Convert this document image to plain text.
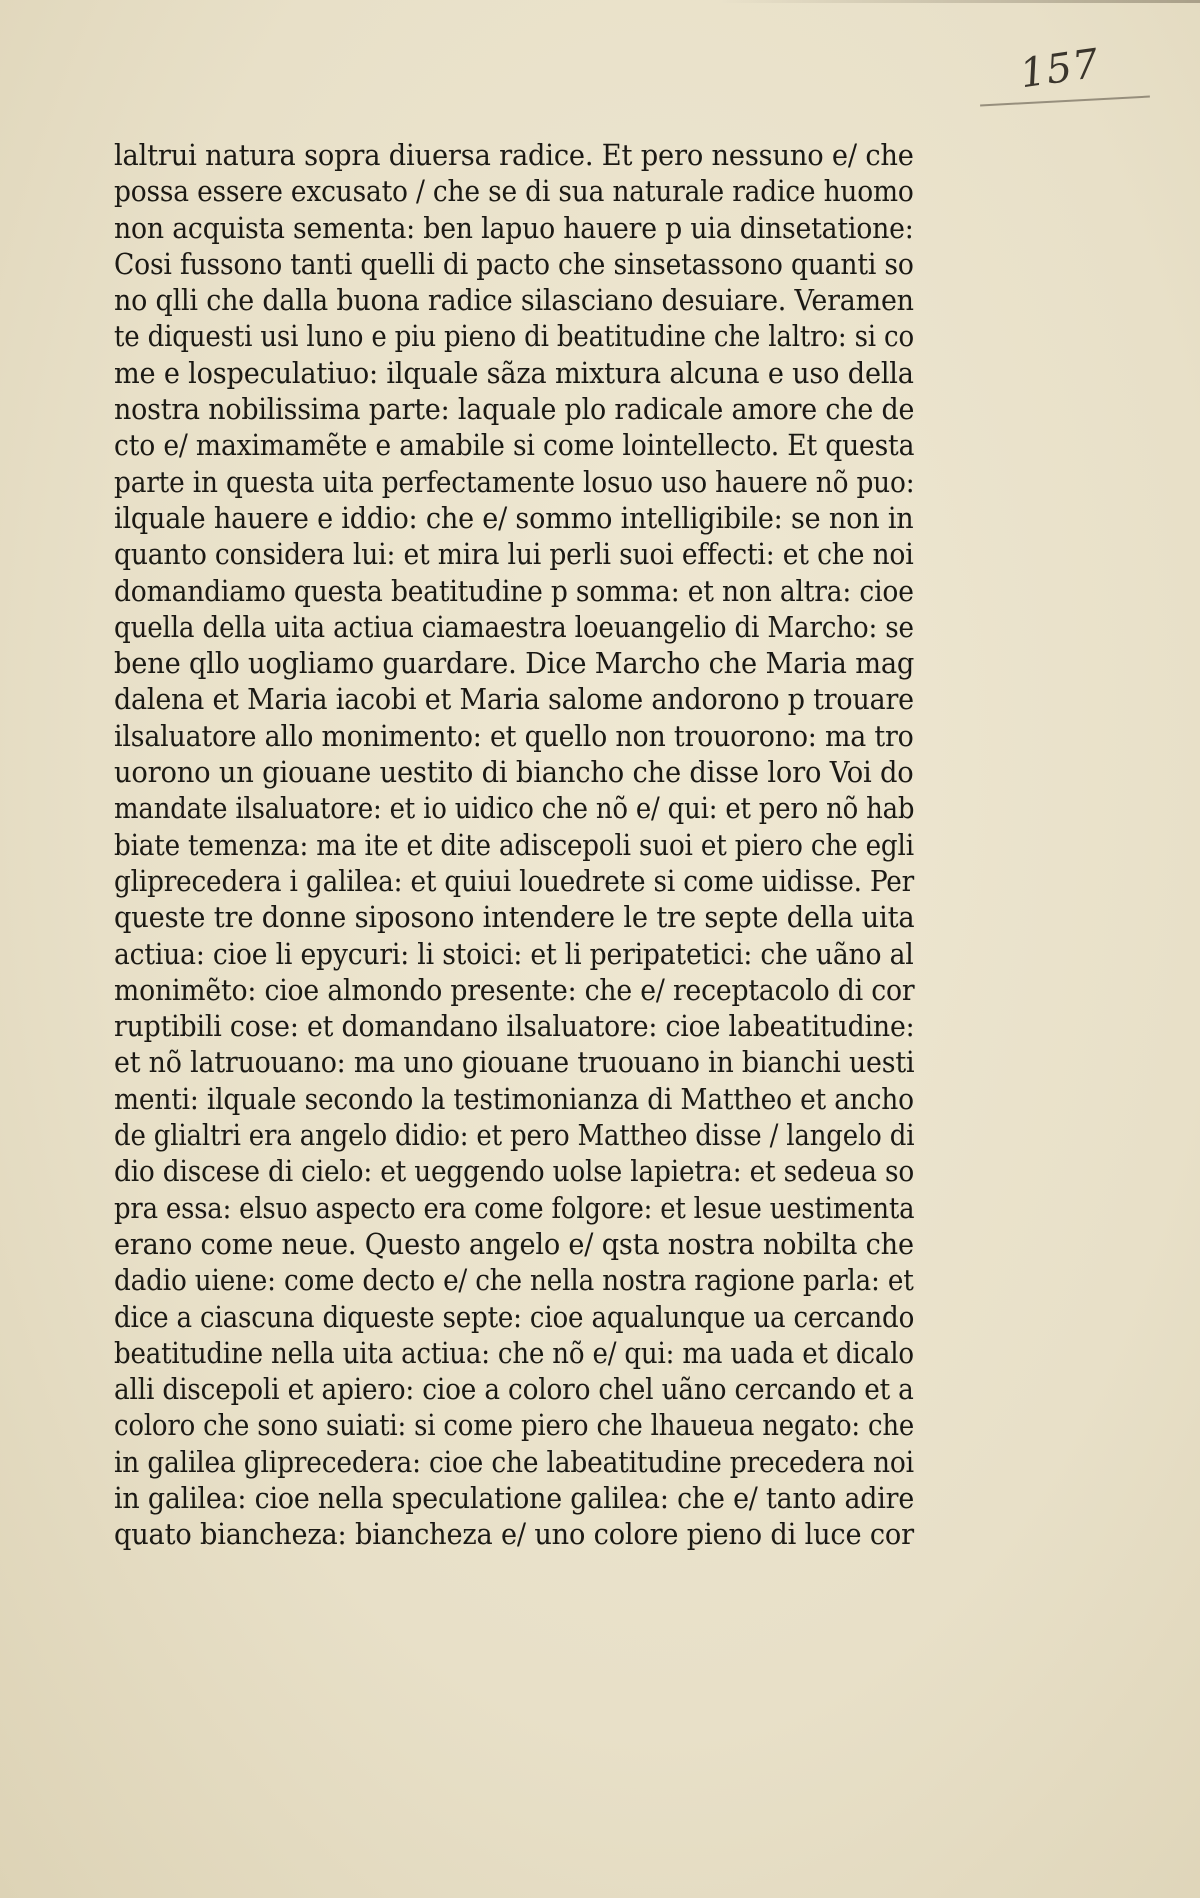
157
laltrui natura sopra diuersa radice. Et pero nessuno e/ che
possa essere excusato / che se di sua naturale radice huomo
non acquista sementa: ben lapuo hauere p uia dinsetatione:
Cosi fussono tanti quelli di pacto che sinsetassono quanti so
no qlli che dalla buona radice silasciano desuiare. Veramen
te diquesti usi luno e piu pieno di beatitudine che laltro: si co
me e lospeculatiuo: ilquale sãza mixtura alcuna e uso della
nostra nobilissima parte: laquale plo radicale amore che de
cto e/ maximamẽte e amabile si come lointellecto. Et questa
parte in questa uita perfectamente losuo uso hauere nõ puo:
ilquale hauere e iddio: che e/ sommo intelligibile: se non in
quanto considera lui: et mira lui perli suoi effecti: et che noi
domandiamo questa beatitudine p somma: et non altra: cioe
quella della uita actiua ciamaestra loeuangelio di Marcho: se
bene qllo uogliamo guardare. Dice Marcho che Maria mag
dalena et Maria iacobi et Maria salome andorono p trouare
ilsaluatore allo monimento: et quello non trouorono: ma tro
uorono un giouane uestito di biancho che disse loro Voi do
mandate ilsaluatore: et io uidico che nõ e/ qui: et pero nõ hab
biate temenza: ma ite et dite adiscepoli suoi et piero che egli
gliprecedera i galilea: et quiui louedrete si come uidisse. Per
queste tre donne siposono intendere le tre septe della uita
actiua: cioe li epycuri: li stoici: et li peripatetici: che uãno al
monimẽto: cioe almondo presente: che e/ receptacolo di cor
ruptibili cose: et domandano ilsaluatore: cioe labeatitudine:
et nõ latruouano: ma uno giouane truouano in bianchi uesti
menti: ilquale secondo la testimonianza di Mattheo et ancho
de glialtri era angelo didio: et pero Mattheo disse / langelo di
dio discese di cielo: et ueggendo uolse lapietra: et sedeua so
pra essa: elsuo aspecto era come folgore: et lesue uestimenta
erano come neue. Questo angelo e/ qsta nostra nobilta che
dadio uiene: come decto e/ che nella nostra ragione parla: et
dice a ciascuna diqueste septe: cioe aqualunque ua cercando
beatitudine nella uita actiua: che nõ e/ qui: ma uada et dicalo
alli discepoli et apiero: cioe a coloro chel uãno cercando et a
coloro che sono suiati: si come piero che lhaueua negato: che
in galilea gliprecedera: cioe che labeatitudine precedera noi
in galilea: cioe nella speculatione galilea: che e/ tanto adire
quato biancheza: biancheza e/ uno colore pieno di luce cor
